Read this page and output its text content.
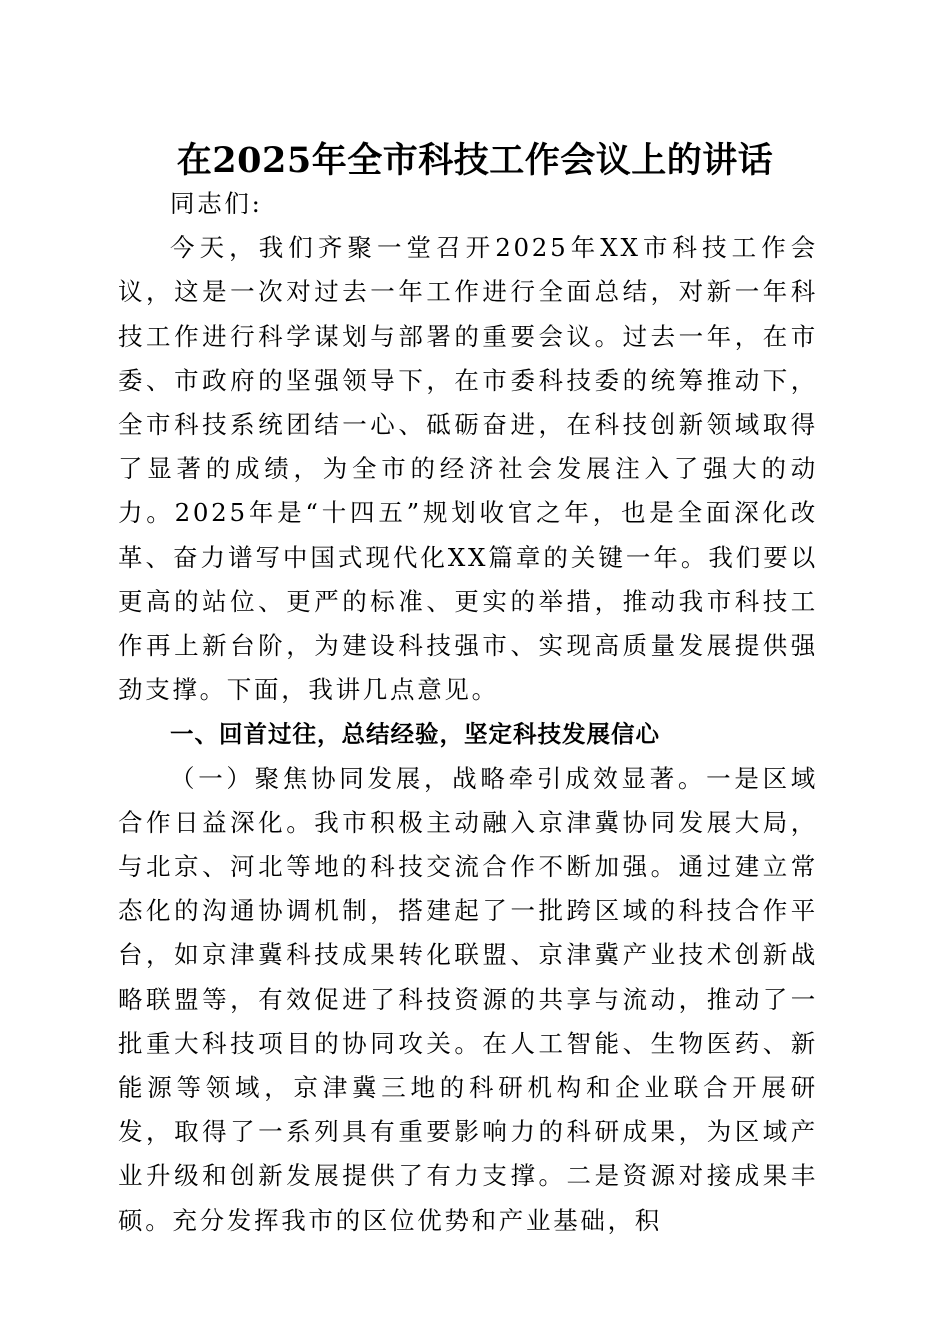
在2025年全市科技工作会议上的讲话

同志们:

今天，我们齐聚一堂召开2025年XX市科技工作会议，这是一次对过去一年工作进行全面总结，对新一年科技工作进行科学谋划与部署的重要会议。过去一年，在市委、市政府的坚强领导下，在市委科技委的统筹推动下，全市科技系统团结一心、砥砺奋进，在科技创新领域取得了显著的成绩，为全市的经济社会发展注入了强大的动力。2025年是“十四五”规划收官之年，也是全面深化改革、奋力谱写中国式现代化XX篇章的关键一年。我们要以更高的站位、更严的标准、更实的举措，推动我市科技工作再上新台阶，为建设科技强市、实现高质量发展提供强劲支撑。下面，我讲几点意见。

一、回首过往，总结经验，坚定科技发展信心

（一）聚焦协同发展，战略牵引成效显著。一是区域合作日益深化。我市积极主动融入京津冀协同发展大局，与北京、河北等地的科技交流合作不断加强。通过建立常态化的沟通协调机制，搭建起了一批跨区域的科技合作平台，如京津冀科技成果转化联盟、京津冀产业技术创新战略联盟等，有效促进了科技资源的共享与流动，推动了一批重大科技项目的协同攻关。在人工智能、生物医药、新能源等领域，京津冀三地的科研机构和企业联合开展研发，取得了一系列具有重要影响力的科研成果，为区域产业升级和创新发展提供了有力支撑。二是资源对接成果丰硕。充分发挥我市的区位优势和产业基础，积
